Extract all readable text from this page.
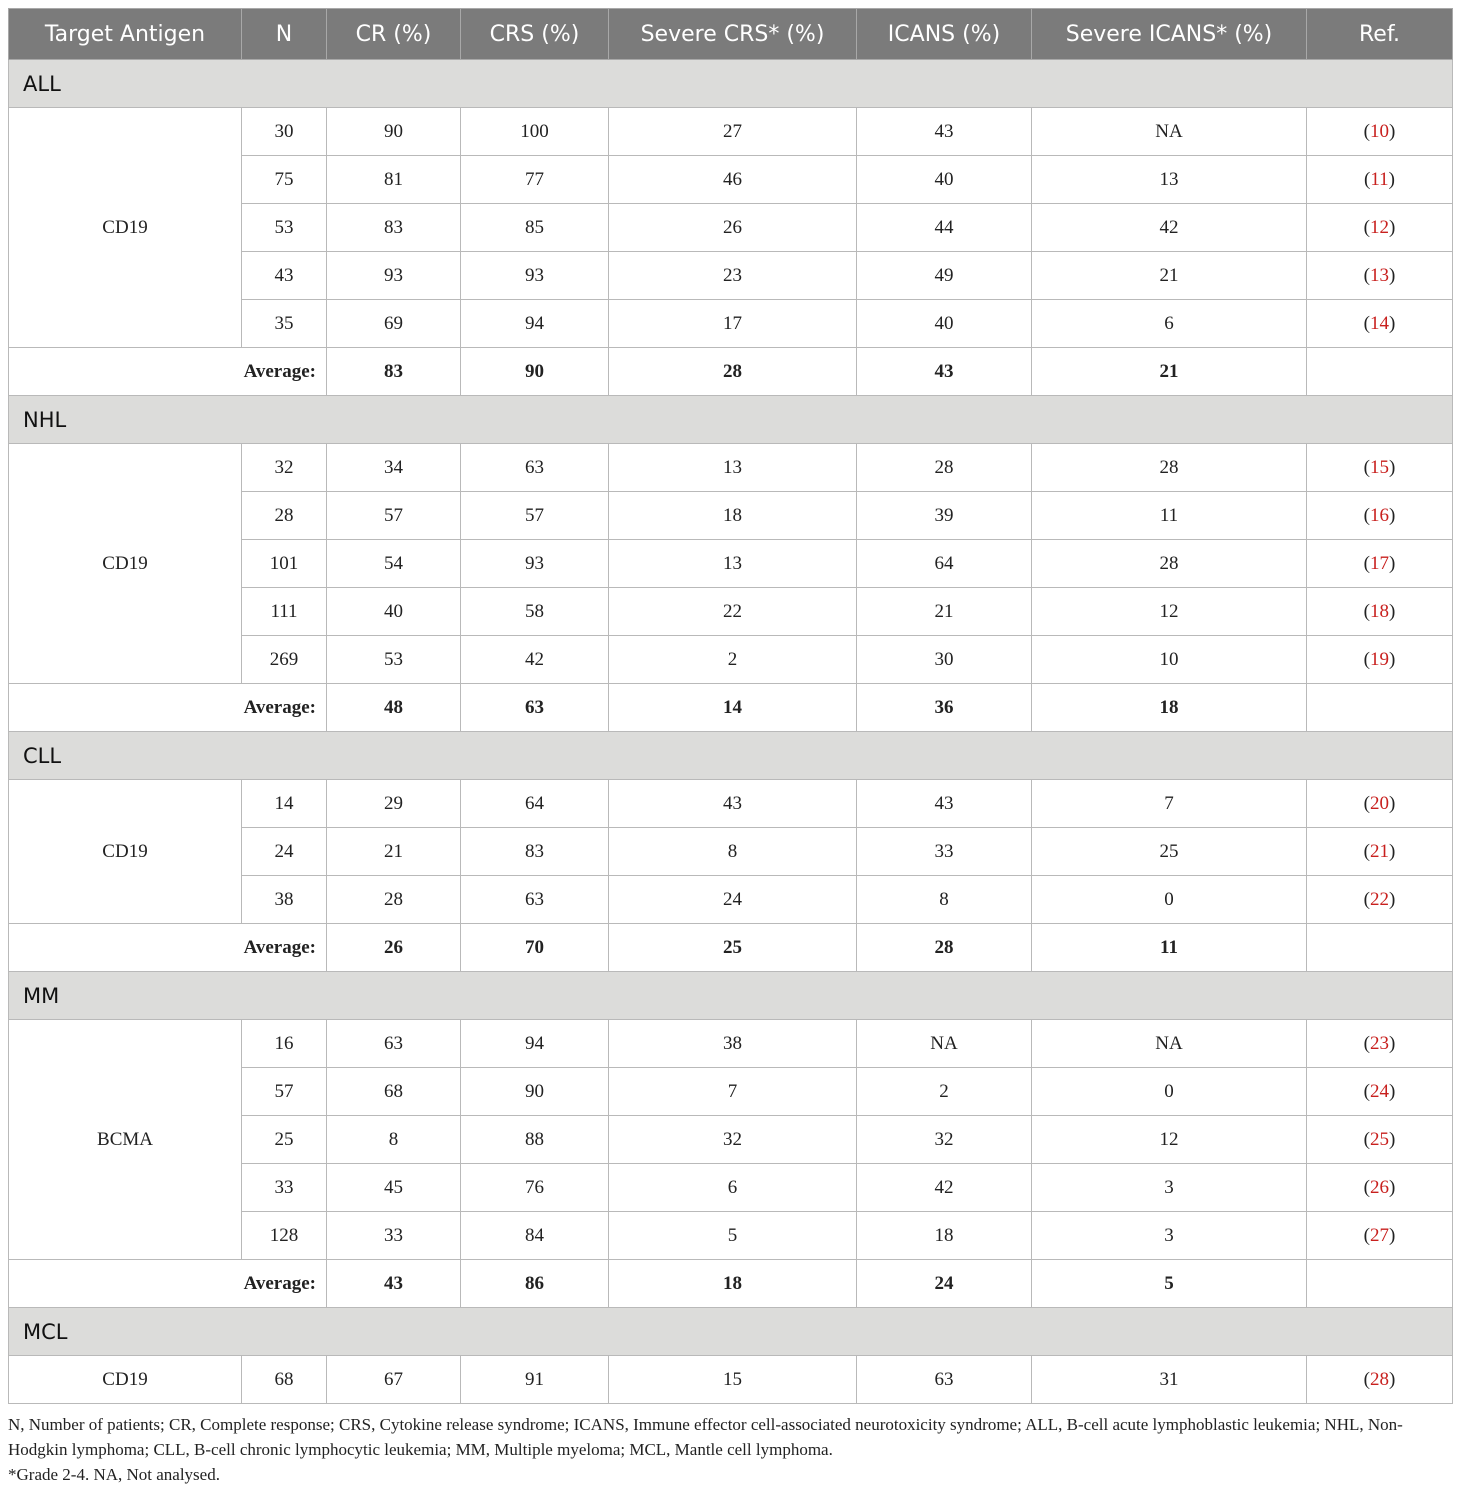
Target Antigen	N	CR (%)	CRS (%)	Severe CRS* (%)	ICANS (%)	Severe ICANS* (%)	Ref.
ALL							
CD19	30	90	100	27	43	NA	(10)
	75	81	77	46	40	13	(11)
	53	83	85	26	44	42	(12)
	43	93	93	23	49	21	(13)
	35	69	94	17	40	6	(14)
Average:		83	90	28	43	21	
NHL							
CD19	32	34	63	13	28	28	(15)
	28	57	57	18	39	11	(16)
	101	54	93	13	64	28	(17)
	111	40	58	22	21	12	(18)
	269	53	42	2	30	10	(19)
Average:		48	63	14	36	18	
CLL							
CD19	14	29	64	43	43	7	(20)
	24	21	83	8	33	25	(21)
	38	28	63	24	8	0	(22)
Average:		26	70	25	28	11	
MM							
BCMA	16	63	94	38	NA	NA	(23)
	57	68	90	7	2	0	(24)
	25	8	88	32	32	12	(25)
	33	45	76	6	42	3	(26)
	128	33	84	5	18	3	(27)
Average:		43	86	18	24	5	
MCL							
CD19	68	67	91	15	63	31	(28)
N, Number of patients; CR, Complete response; CRS, Cytokine release syndrome; ICANS, Immune effector cell-associated neurotoxicity syndrome; ALL, B-cell acute lymphoblastic leukemia; NHL, Non-Hodgkin lymphoma; CLL, B-cell chronic lymphocytic leukemia; MM, Multiple myeloma; MCL, Mantle cell lymphoma.
*Grade 2-4. NA, Not analysed.
